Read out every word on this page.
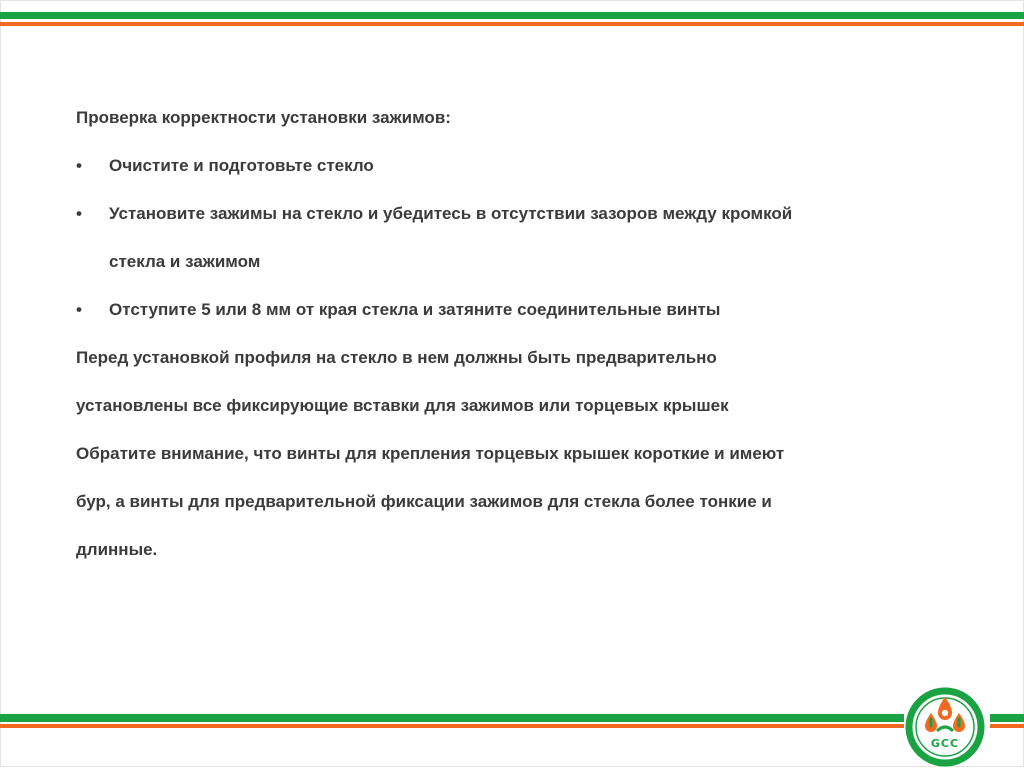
Проверка корректности установки зажимов:
• Очистите и подготовьте стекло
• Установите зажимы на стекло и убедитесь в отсутствии зазоров между кромкой
стекла и зажимом
• Отступите 5 или 8 мм от края стекла и затяните соединительные винты
Перед установкой профиля на стекло в нем должны быть предварительно
установлены все фиксирующие вставки для зажимов или торцевых крышек
Обратите внимание, что винты для крепления торцевых крышек короткие и имеют
бур, а винты для предварительной фиксации зажимов для стекла более тонкие и
длинные.
GCC
